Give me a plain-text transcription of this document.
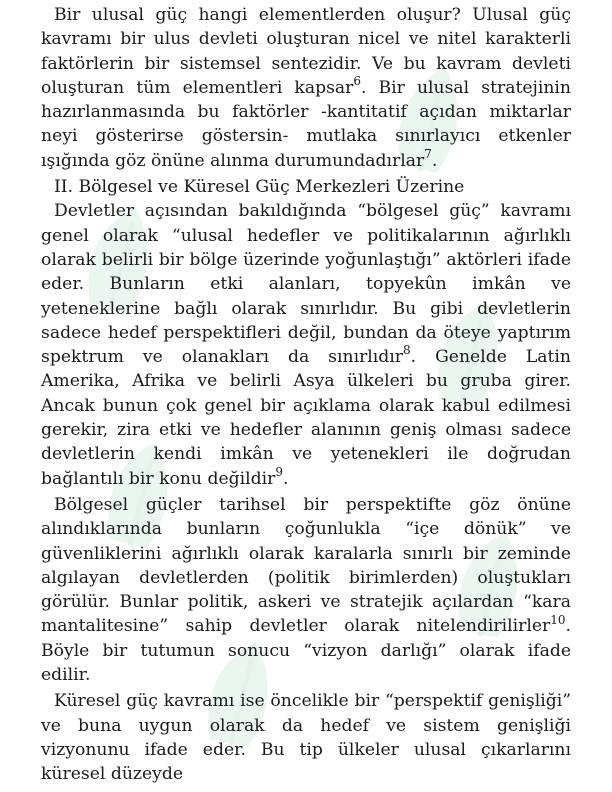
Bir ulusal güç hangi elementlerden oluşur? Ulusal güç kavramı bir ulus devleti oluşturan nicel ve nitel karakterli faktörlerin bir sistemsel sentezidir. Ve bu kavram devleti oluşturan tüm elementleri kapsar$^6$. Bir ulusal stratejinin hazırlanmasında bu faktörler -kantitatif açıdan miktarlar neyi gösterirse göstersin- mutlaka sınırlayıcı etkenler ışığında göz önüne alınma durumundadırlar$^7$.

II. Bölgesel ve Küresel Güç Merkezleri Üzerine

Devletler açısından bakıldığında “bölgesel güç” kavramı genel olarak “ulusal hedefler ve politikalarının ağırlıklı olarak belirli bir bölge üzerinde yoğunlaştığı” aktörleri ifade eder. Bunların etki alanları, topyekûn imkân ve yeteneklerine bağlı olarak sınırlıdır. Bu gibi devletlerin sadece hedef perspektifleri değil, bundan da öteye yaptırım spektrum ve olanakları da sınırlıdır$^8$. Genelde Latin Amerika, Afrika ve belirli Asya ülkeleri bu gruba girer. Ancak bunun çok genel bir açıklama olarak kabul edilmesi gerekir, zira etki ve hedefler alanının geniş olması sadece devletlerin kendi imkân ve yetenekleri ile doğrudan bağlantılı bir konu değildir$^9$.

Bölgesel güçler tarihsel bir perspektifte göz önüne alındıklarında bunların çoğunlukla “içe dönük” ve güvenliklerini ağırlıklı olarak karalarla sınırlı bir zeminde algılayan devletlerden (politik birimlerden) oluştukları görülür. Bunlar politik, askeri ve stratejik açılardan “kara mantalitesine” sahip devletler olarak nitelendirilirler$^{10}$. Böyle bir tutumun sonucu “vizyon darlığı” olarak ifade edilir.

Küresel güç kavramı ise öncelikle bir “perspektif genişliği” ve buna uygun olarak da hedef ve sistem genişliği vizyonunu ifade eder. Bu tip ülkeler ulusal çıkarlarını küresel düzeyde
